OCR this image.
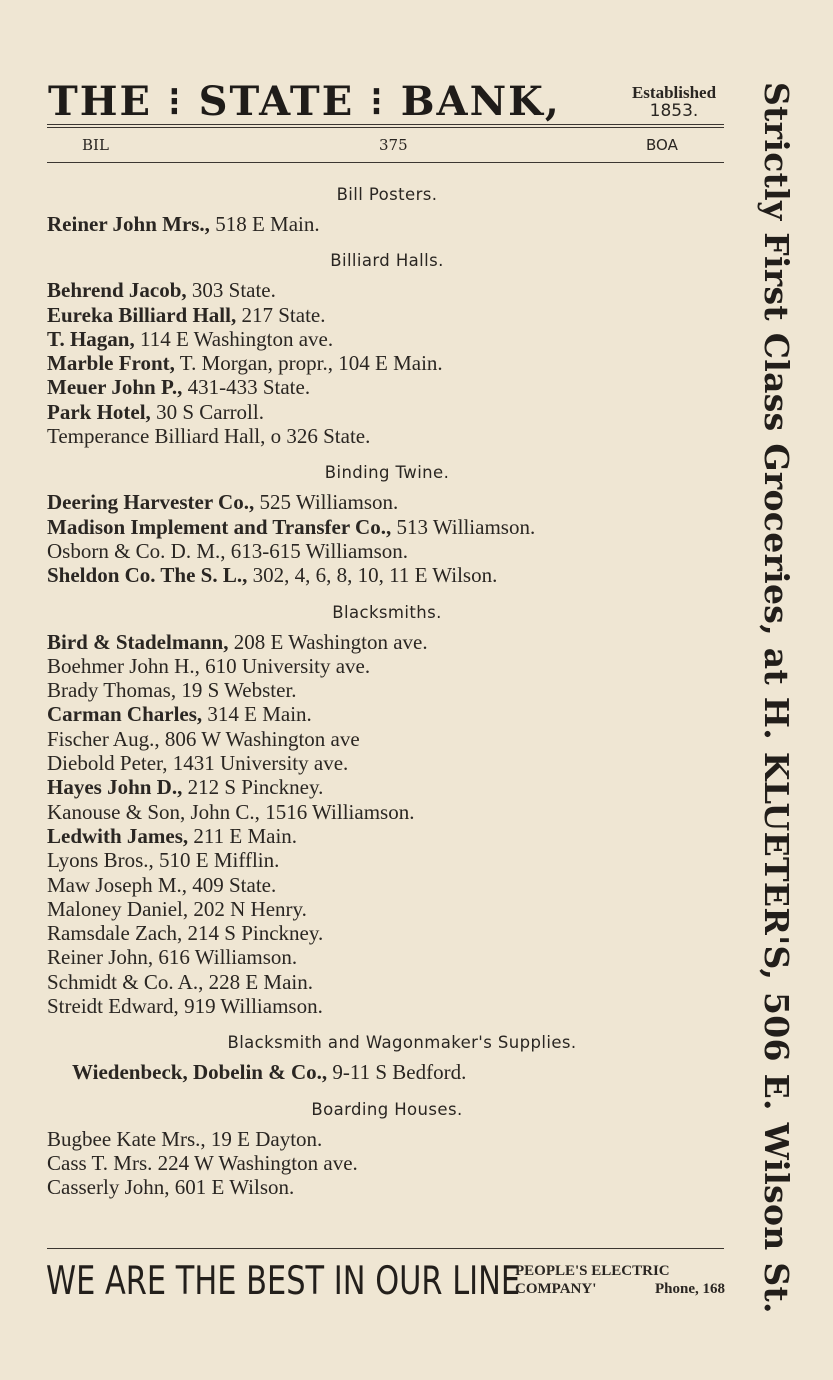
THE ⁝ STATE ⁝ BANK,	Established
1853.
BIL	375	BOA
Bill Posters.
Reiner John Mrs., 518 E Main.
Billiard Halls.
Behrend Jacob, 303 State.
Eureka Billiard Hall, 217 State.
T. Hagan, 114 E Washington ave.
Marble Front, T. Morgan, propr., 104 E Main.
Meuer John P., 431-433 State.
Park Hotel, 30 S Carroll.
Temperance Billiard Hall, o 326 State.
Binding Twine.
Deering Harvester Co., 525 Williamson.
Madison Implement and Transfer Co., 513 Williamson.
Osborn & Co. D. M., 613-615 Williamson.
Sheldon Co. The S. L., 302, 4, 6, 8, 10, 11 E Wilson.
Blacksmiths.
Bird & Stadelmann, 208 E Washington ave.
Boehmer John H., 610 University ave.
Brady Thomas, 19 S Webster.
Carman Charles, 314 E Main.
Fischer Aug., 806 W Washington ave
Diebold Peter, 1431 University ave.
Hayes John D., 212 S Pinckney.
Kanouse & Son, John C., 1516 Williamson.
Ledwith James, 211 E Main.
Lyons Bros., 510 E Mifflin.
Maw Joseph M., 409 State.
Maloney Daniel, 202 N Henry.
Ramsdale Zach, 214 S Pinckney.
Reiner John, 616 Williamson.
Schmidt & Co. A., 228 E Main.
Streidt Edward, 919 Williamson.
Blacksmith and Wagonmaker's Supplies.
Wiedenbeck, Dobelin & Co., 9-11 S Bedford.
Boarding Houses.
Bugbee Kate Mrs., 19 E Dayton.
Cass T. Mrs. 224 W Washington ave.
Casserly John, 601 E Wilson.	Strictly First Class Groceries, at H. KLUETER'S, 506 E. Wilson St.
WE ARE THE BEST IN OUR LINE
PEOPLE'S ELECTRIC
COMPANY'	Phone, 168
